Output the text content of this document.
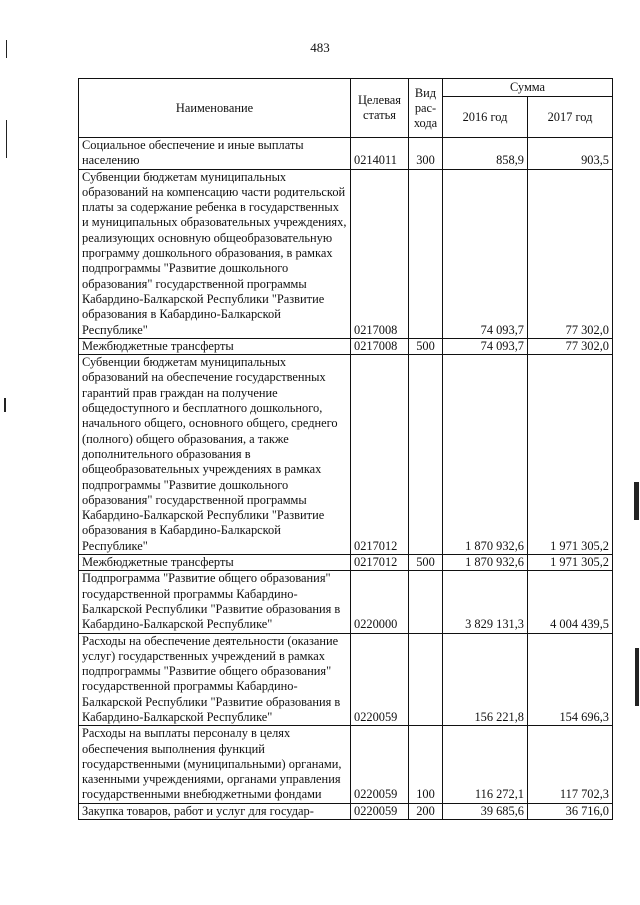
483
Наименование	Целевая статья	Вид рас-хода	Сумма	
			2016 год	2017 год
Социальное обеспечение и иные выплаты населению	0214011	300	858,9	903,5
Субвенции бюджетам муниципальных образований на компенсацию части родительской платы за содержание ребенка в государственных и муниципальных образовательных учреждениях, реализующих основную общеобразовательную программу дошкольного образования, в рамках подпрограммы "Развитие дошкольного образования" государственной программы Кабардино-Балкарской Республики "Развитие образования в Кабардино-Балкарской Республике"	0217008		74 093,7	77 302,0
Межбюджетные трансферты	0217008	500	74 093,7	77 302,0
Субвенции бюджетам муниципальных образований на обеспечение государственных гарантий прав граждан на получение общедоступного и бесплатного дошкольного, начального общего, основного общего, среднего (полного) общего образования, а также дополнительного образования в общеобразовательных учреждениях в рамках подпрограммы "Развитие дошкольного образования" государственной программы Кабардино-Балкарской Республики "Развитие образования в Кабардино-Балкарской Республике"	0217012		1 870 932,6	1 971 305,2
Межбюджетные трансферты	0217012	500	1 870 932,6	1 971 305,2
Подпрограмма "Развитие общего образования" государственной программы Кабардино-Балкарской Республики "Развитие образования в Кабардино-Балкарской Республике"	0220000		3 829 131,3	4 004 439,5
Расходы на обеспечение деятельности (оказание услуг) государственных учреждений в рамках подпрограммы "Развитие общего образования" государственной программы Кабардино-Балкарской Республики "Развитие образования в Кабардино-Балкарской Республике"	0220059		156 221,8	154 696,3
Расходы на выплаты персоналу в целях обеспечения выполнения функций государственными (муниципальными) органами, казенными учреждениями, органами управления государственными внебюджетными фондами	0220059	100	116 272,1	117 702,3
Закупка товаров, работ и услуг для государ-	0220059	200	39 685,6	36 716,0
